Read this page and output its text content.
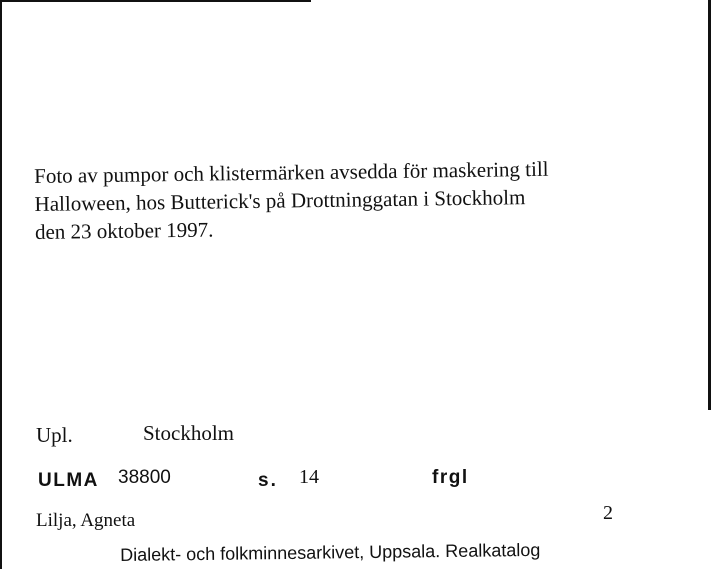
Foto av pumpor och klistermärken avsedda för maskering till
Halloween, hos Butterick's på Drottninggatan i Stockholm
den 23 oktober 1997.

Upl.	Stockholm
ULMA 38800	s. 14	frgl
Lilja, Agneta	2
Dialekt- och folkminnesarkivet, Uppsala. Realkatalog
